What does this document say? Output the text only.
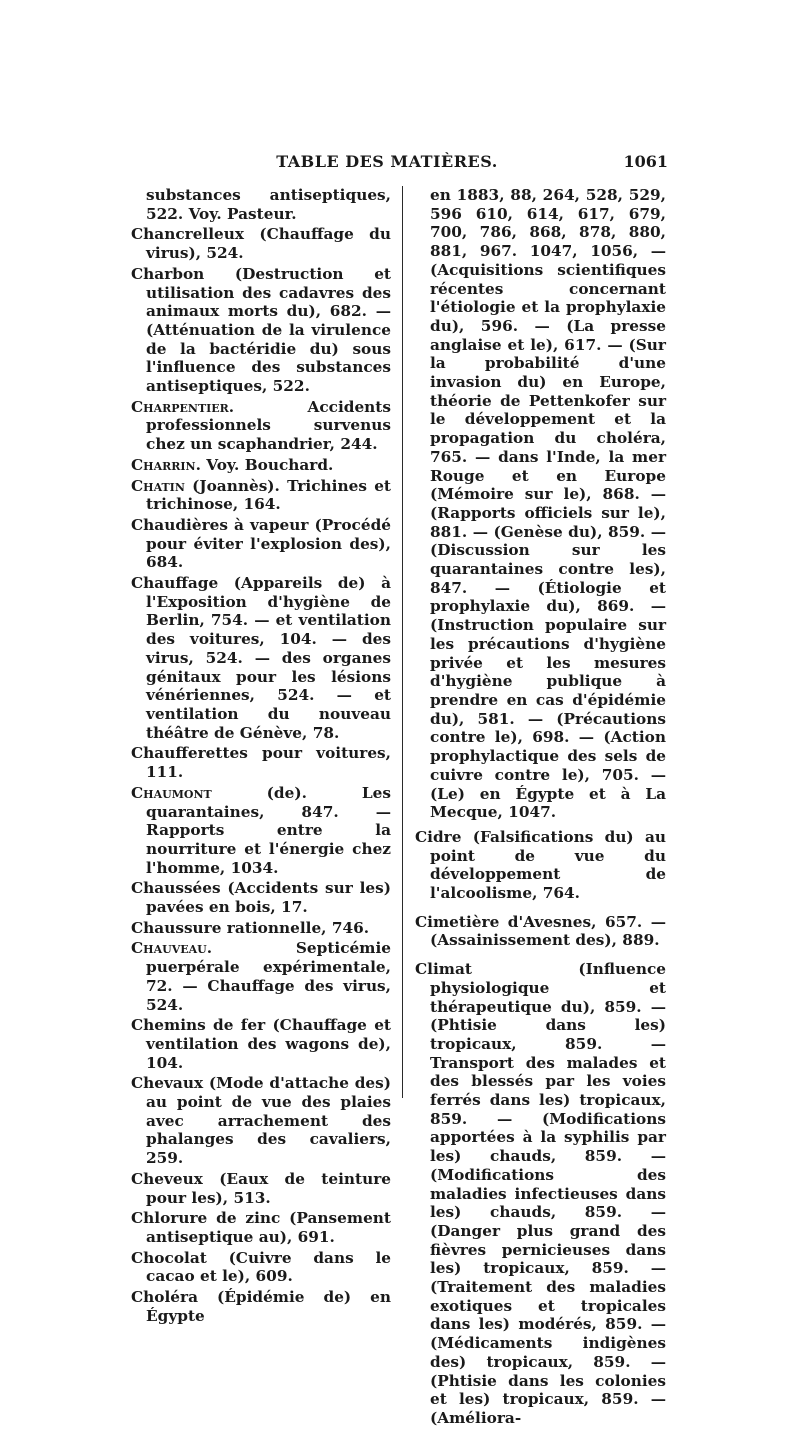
TABLE DES MATIÈRES.	1061

substances antiseptiques, 522. Voy. Pasteur.

Chancrelleux (Chauffage du virus), 524.

Charbon (Destruction et utilisation des cadavres des animaux morts du), 682. — (Atténuation de la virulence de la bactéridie du) sous l'influence des substances antiseptiques, 522.

Charpentier. Accidents professionnels survenus chez un scaphandrier, 244.

Charrin. Voy. Bouchard.

Chatin (Joannès). Trichines et trichinose, 164.

Chaudières à vapeur (Procédé pour éviter l'explosion des), 684.

Chauffage (Appareils de) à l'Exposition d'hygiène de Berlin, 754. — et ventilation des voitures, 104. — des virus, 524. — des organes génitaux pour les lésions vénériennes, 524. — et ventilation du nouveau théâtre de Génève, 78.

Chaufferettes pour voitures, 111.

Chaumont (de). Les quarantaines, 847. — Rapports entre la nourriture et l'énergie chez l'homme, 1034.

Chaussées (Accidents sur les) pavées en bois, 17.

Chaussure rationnelle, 746.

Chauveau. Septicémie puerpérale expérimentale, 72. — Chauffage des virus, 524.

Chemins de fer (Chauffage et ventilation des wagons de), 104.

Chevaux (Mode d'attache des) au point de vue des plaies avec arrachement des phalanges des cavaliers, 259.

Cheveux (Eaux de teinture pour les), 513.

Chlorure de zinc (Pansement antiseptique au), 691.

Chocolat (Cuivre dans le cacao et le), 609.

Choléra (Épidémie de) en Égypte

en 1883, 88, 264, 528, 529, 596 610, 614, 617, 679, 700, 786, 868, 878, 880, 881, 967. 1047, 1056, — (Acquisitions scientifiques récentes concernant l'étiologie et la prophylaxie du), 596. — (La presse anglaise et le), 617. — (Sur la probabilité d'une invasion du) en Europe, théorie de Pettenkofer sur le développement et la propagation du choléra, 765. — dans l'Inde, la mer Rouge et en Europe (Mémoire sur le), 868. — (Rapports officiels sur le), 881. — (Genèse du), 859. — (Discussion sur les quarantaines contre les), 847. — (Étiologie et prophylaxie du), 869. — (Instruction populaire sur les précautions d'hygiène privée et les mesures d'hygiène publique à prendre en cas d'épidémie du), 581. — (Précautions contre le), 698. — (Action prophylactique des sels de cuivre contre le), 705. — (Le) en Égypte et à La Mecque, 1047.

Cidre (Falsifications du) au point de vue du développement de l'alcoolisme, 764.

Cimetière d'Avesnes, 657. — (Assainissement des), 889.

Climat (Influence physiologique et thérapeutique du), 859. — (Phtisie dans les) tropicaux, 859. — Transport des malades et des blessés par les voies ferrés dans les) tropicaux, 859. — (Modifications apportées à la syphilis par les) chauds, 859. — (Modifications des maladies infectieuses dans les) chauds, 859. — (Danger plus grand des fièvres pernicieuses dans les) tropicaux, 859. — (Traitement des maladies exotiques et tropicales dans les) modérés, 859. — (Médicaments indigènes des) tropicaux, 859. — (Phtisie dans les colonies et les) tropicaux, 859. — (Améliora-
